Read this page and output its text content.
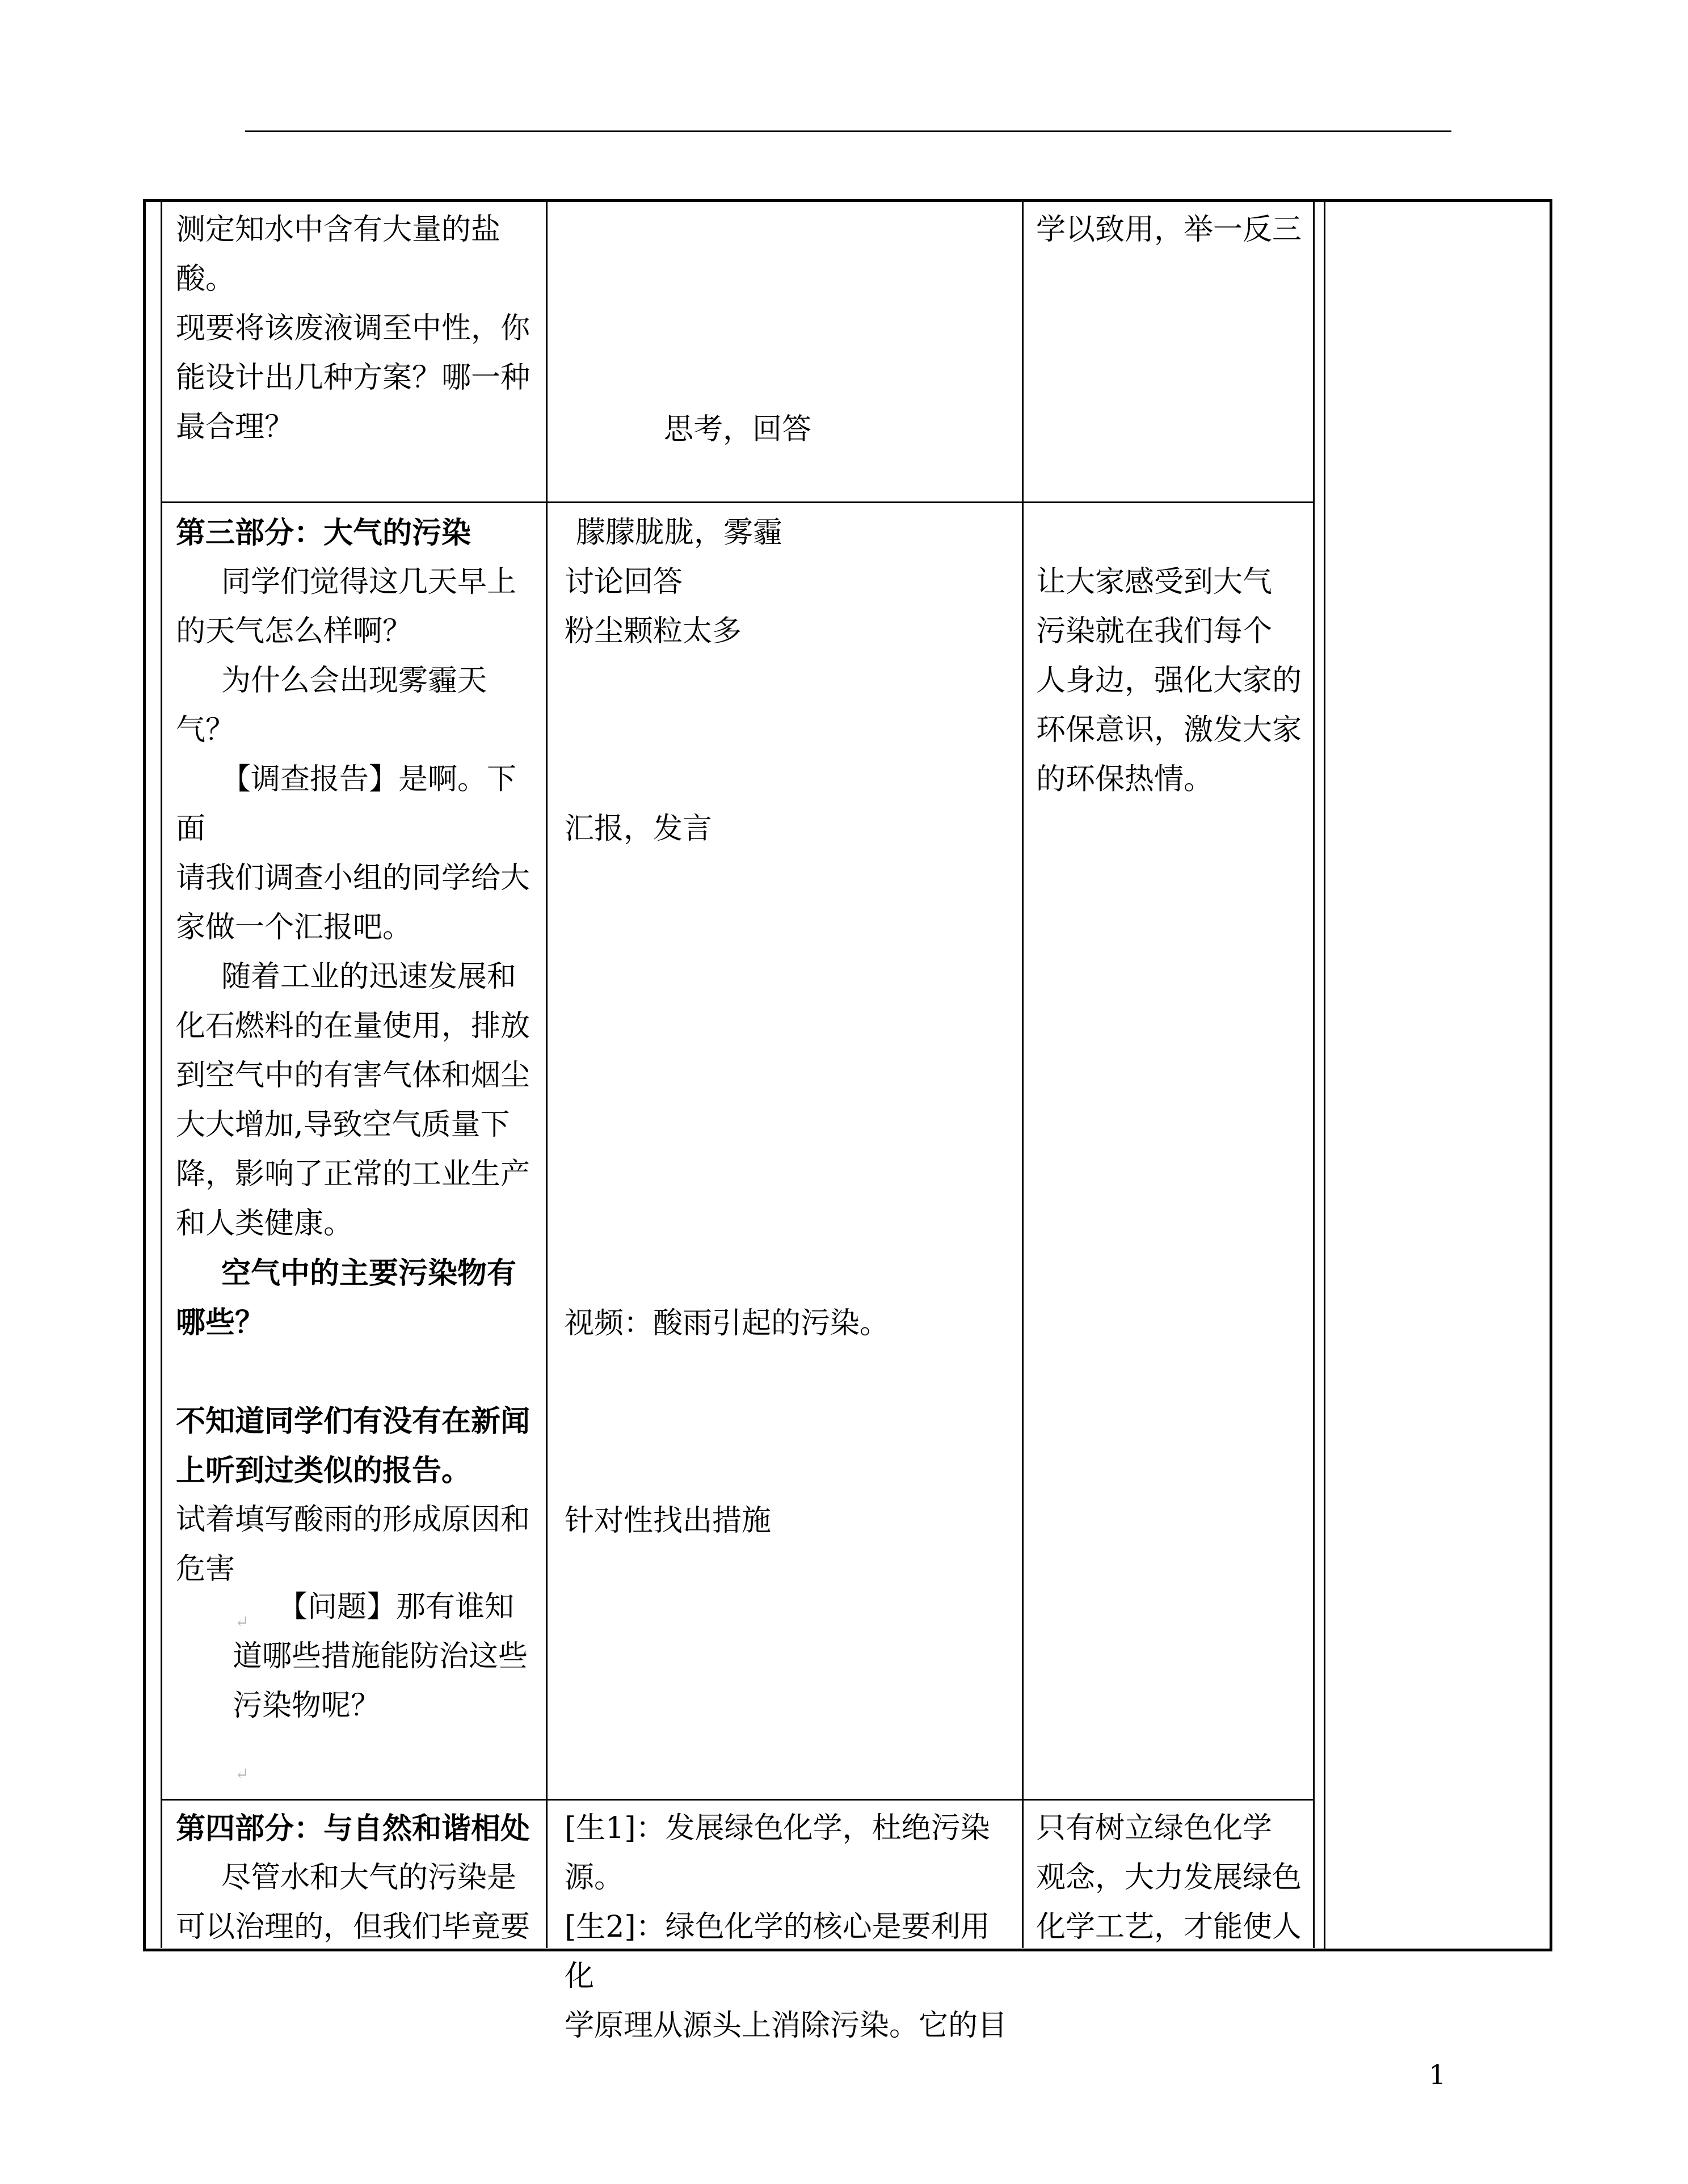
测定知水中含有大量的盐酸。

现要将该废液调至中性，你

能设计出几种方案？哪一种

最合理？	思考，回答
学以致用，举一反三

第三部分：大气的污染

同学们觉得这几天早上

的天气怎么样啊？

为什么会出现雾霾天气？

【调查报告】是啊。下面

请我们调查小组的同学给大

家做一个汇报吧。

随着工业的迅速发展和

化石燃料的在量使用，排放

到空气中的有害气体和烟尘

大大增加,导致空气质量下

降，影响了正常的工业生产

和人类健康。

空气中的主要污染物有

哪些？

不知道同学们有没有在新闻

上听到过类似的报告。

试着填写酸雨的形成原因和

危害

【问题】那有谁知

道哪些措施能防治这些

污染物呢？

↵
↵

朦朦胧胧，雾霾

讨论回答

粉尘颗粒太多

汇报，发言
视频：酸雨引起的污染。
针对性找出措施

让大家感受到大气

污染就在我们每个

人身边，强化大家的

环保意识，激发大家

的环保热情。

第四部分：与自然和谐相处

尽管水和大气的污染是

可以治理的，但我们毕竟要

[生1]：发展绿色化学，杜绝污染源。

[生2]：绿色化学的核心是要利用化

学原理从源头上消除污染。它的目

只有树立绿色化学

观念，大力发展绿色

化学工艺，才能使人

1
